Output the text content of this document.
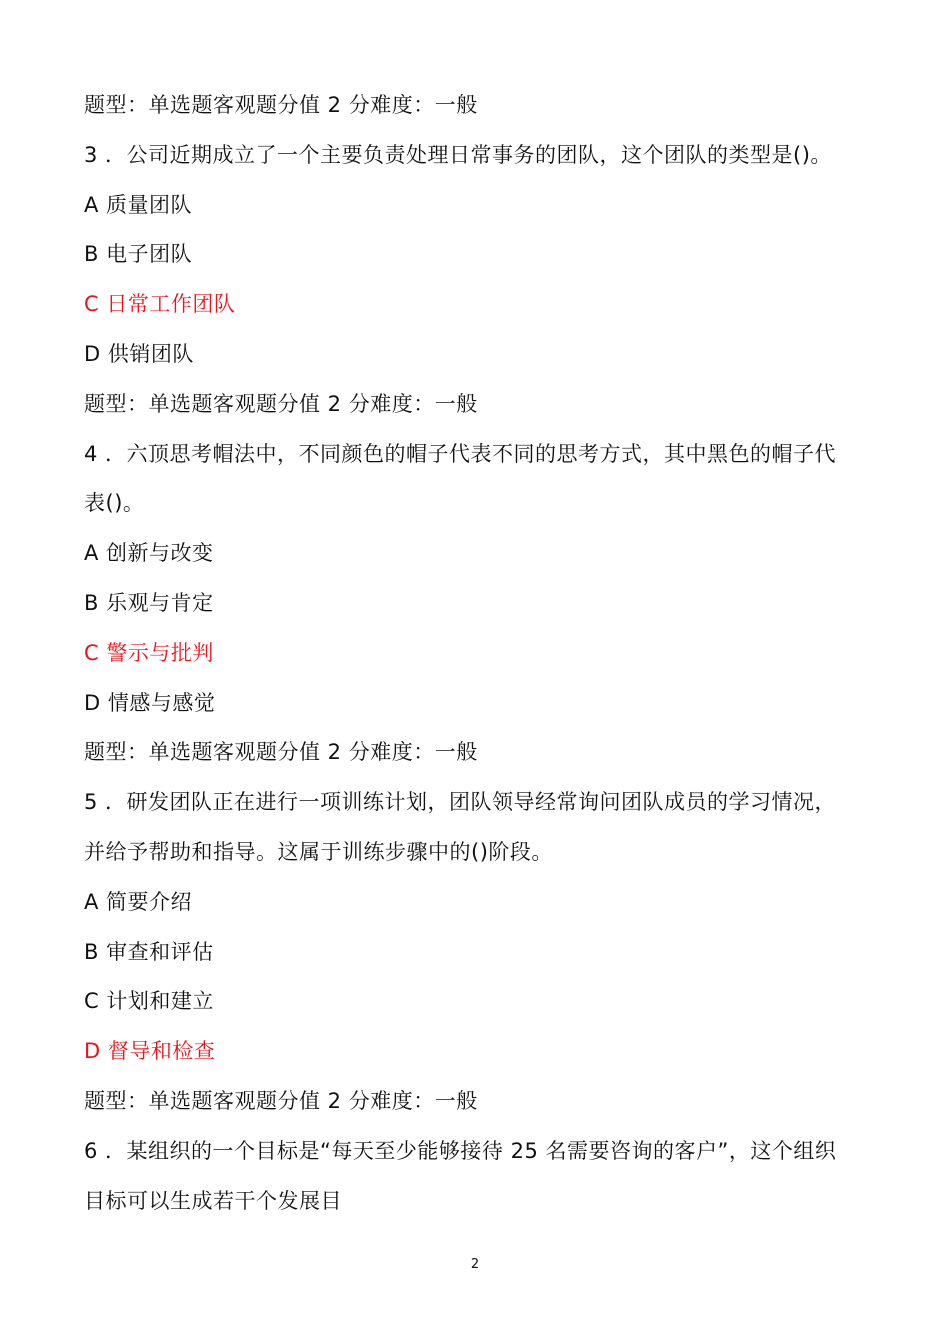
题型：单选题客观题分值 2 分难度：一般
3 ．公司近期成立了一个主要负责处理日常事务的团队，这个团队的类型是()。
A 质量团队
B 电子团队
C 日常工作团队
D 供销团队
题型：单选题客观题分值 2 分难度：一般
4 ．六顶思考帽法中，不同颜色的帽子代表不同的思考方式，其中黑色的帽子代
表()。
A 创新与改变
B 乐观与肯定
C 警示与批判
D 情感与感觉
题型：单选题客观题分值 2 分难度：一般
5 ．研发团队正在进行一项训练计划，团队领导经常询问团队成员的学习情况，
并给予帮助和指导。这属于训练步骤中的()阶段。
A 简要介绍
B 审查和评估
C 计划和建立
D 督导和检查
题型：单选题客观题分值 2 分难度：一般
6 ．某组织的一个目标是“每天至少能够接待 25 名需要咨询的客户”，这个组织
目标可以生成若干个发展目
2
